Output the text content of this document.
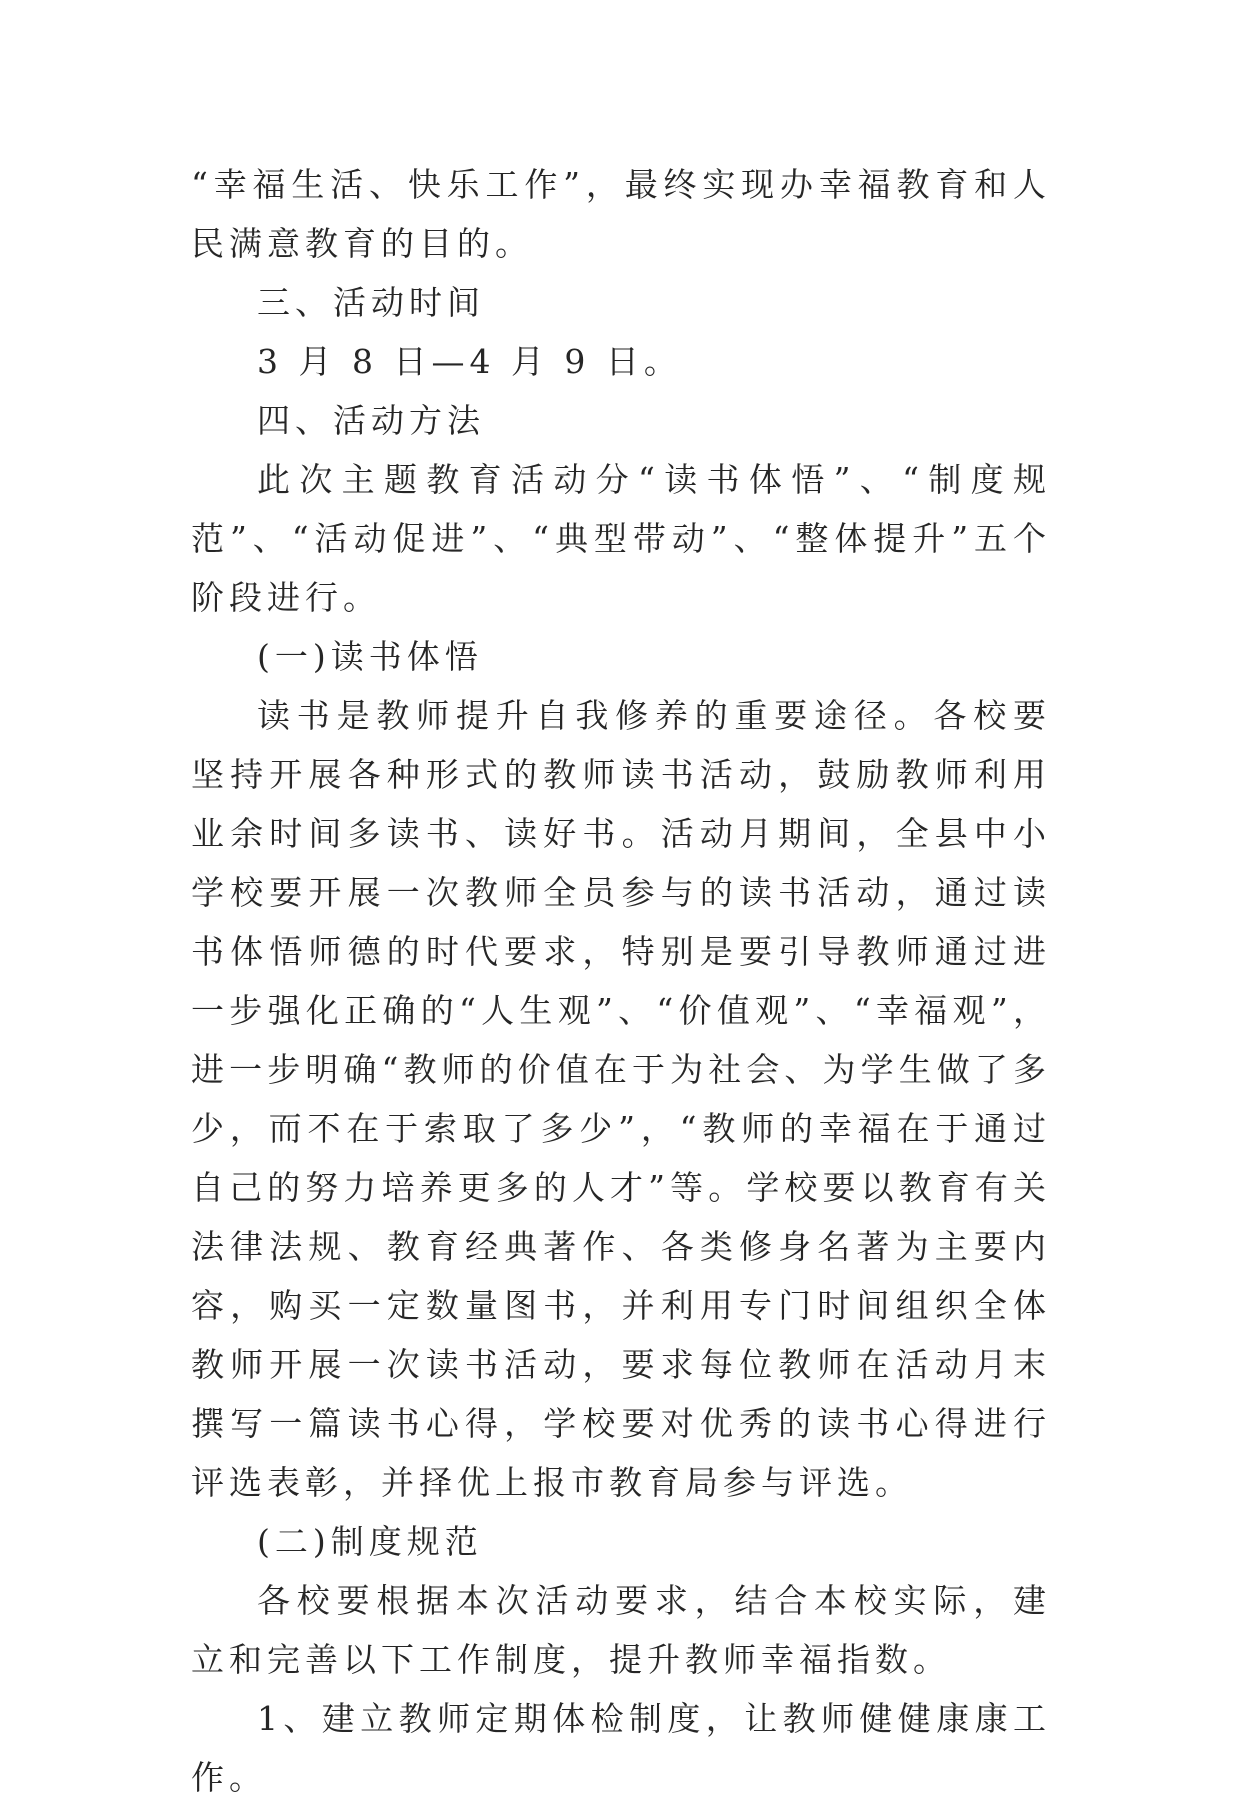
“幸福生活、快乐工作”，最终实现办幸福教育和人民满意教育的目的。

三、活动时间

3 月 8 日—4 月 9 日。

四、活动方法

此次主题教育活动分“读书体悟”、“制度规范”、“活动促进”、“典型带动”、“整体提升”五个阶段进行。

(一)读书体悟

读书是教师提升自我修养的重要途径。各校要坚持开展各种形式的教师读书活动，鼓励教师利用业余时间多读书、读好书。活动月期间，全县中小学校要开展一次教师全员参与的读书活动，通过读书体悟师德的时代要求，特别是要引导教师通过进一步强化正确的“人生观”、“价值观”、“幸福观”，进一步明确“教师的价值在于为社会、为学生做了多少，而不在于索取了多少”，“教师的幸福在于通过自己的努力培养更多的人才”等。学校要以教育有关法律法规、教育经典著作、各类修身名著为主要内容，购买一定数量图书，并利用专门时间组织全体教师开展一次读书活动，要求每位教师在活动月末撰写一篇读书心得，学校要对优秀的读书心得进行评选表彰，并择优上报市教育局参与评选。

(二)制度规范

各校要根据本次活动要求，结合本校实际，建立和完善以下工作制度，提升教师幸福指数。

1、建立教师定期体检制度，让教师健健康康工作。
